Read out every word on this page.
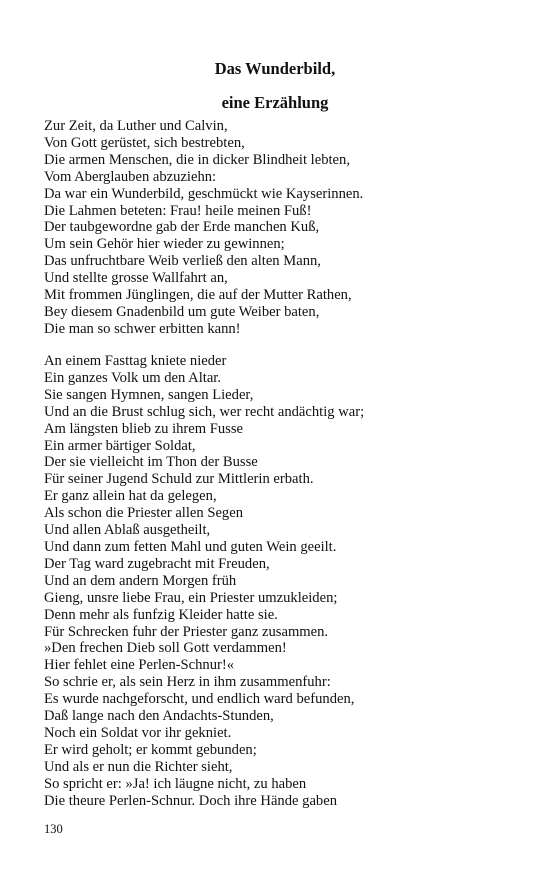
Das Wunderbild,
eine Erzählung
Zur Zeit, da Luther und Calvin,
Von Gott gerüstet, sich bestrebten,
Die armen Menschen, die in dicker Blindheit lebten,
Vom Aberglauben abzuziehn:
Da war ein Wunderbild, geschmückt wie Kayserinnen.
Die Lahmen beteten: Frau! heile meinen Fuß!
Der taubgewordne gab der Erde manchen Kuß,
Um sein Gehör hier wieder zu gewinnen;
Das unfruchtbare Weib verließ den alten Mann,
Und stellte grosse Wallfahrt an,
Mit frommen Jünglingen, die auf der Mutter Rathen,
Bey diesem Gnadenbild um gute Weiber baten,
Die man so schwer erbitten kann!
An einem Fasttag kniete nieder
Ein ganzes Volk um den Altar.
Sie sangen Hymnen, sangen Lieder,
Und an die Brust schlug sich, wer recht andächtig war;
Am längsten blieb zu ihrem Fusse
Ein armer bärtiger Soldat,
Der sie vielleicht im Thon der Busse
Für seiner Jugend Schuld zur Mittlerin erbath.
Er ganz allein hat da gelegen,
Als schon die Priester allen Segen
Und allen Ablaß ausgetheilt,
Und dann zum fetten Mahl und guten Wein geeilt.
Der Tag ward zugebracht mit Freuden,
Und an dem andern Morgen früh
Gieng, unsre liebe Frau, ein Priester umzukleiden;
Denn mehr als funfzig Kleider hatte sie.
Für Schrecken fuhr der Priester ganz zusammen.
»Den frechen Dieb soll Gott verdammen!
Hier fehlet eine Perlen-Schnur!«
So schrie er, als sein Herz in ihm zusammenfuhr:
Es wurde nachgeforscht, und endlich ward befunden,
Daß lange nach den Andachts-Stunden,
Noch ein Soldat vor ihr gekniet.
Er wird geholt; er kommt gebunden;
Und als er nun die Richter sieht,
So spricht er: »Ja! ich läugne nicht, zu haben
Die theure Perlen-Schnur. Doch ihre Hände gaben

130
